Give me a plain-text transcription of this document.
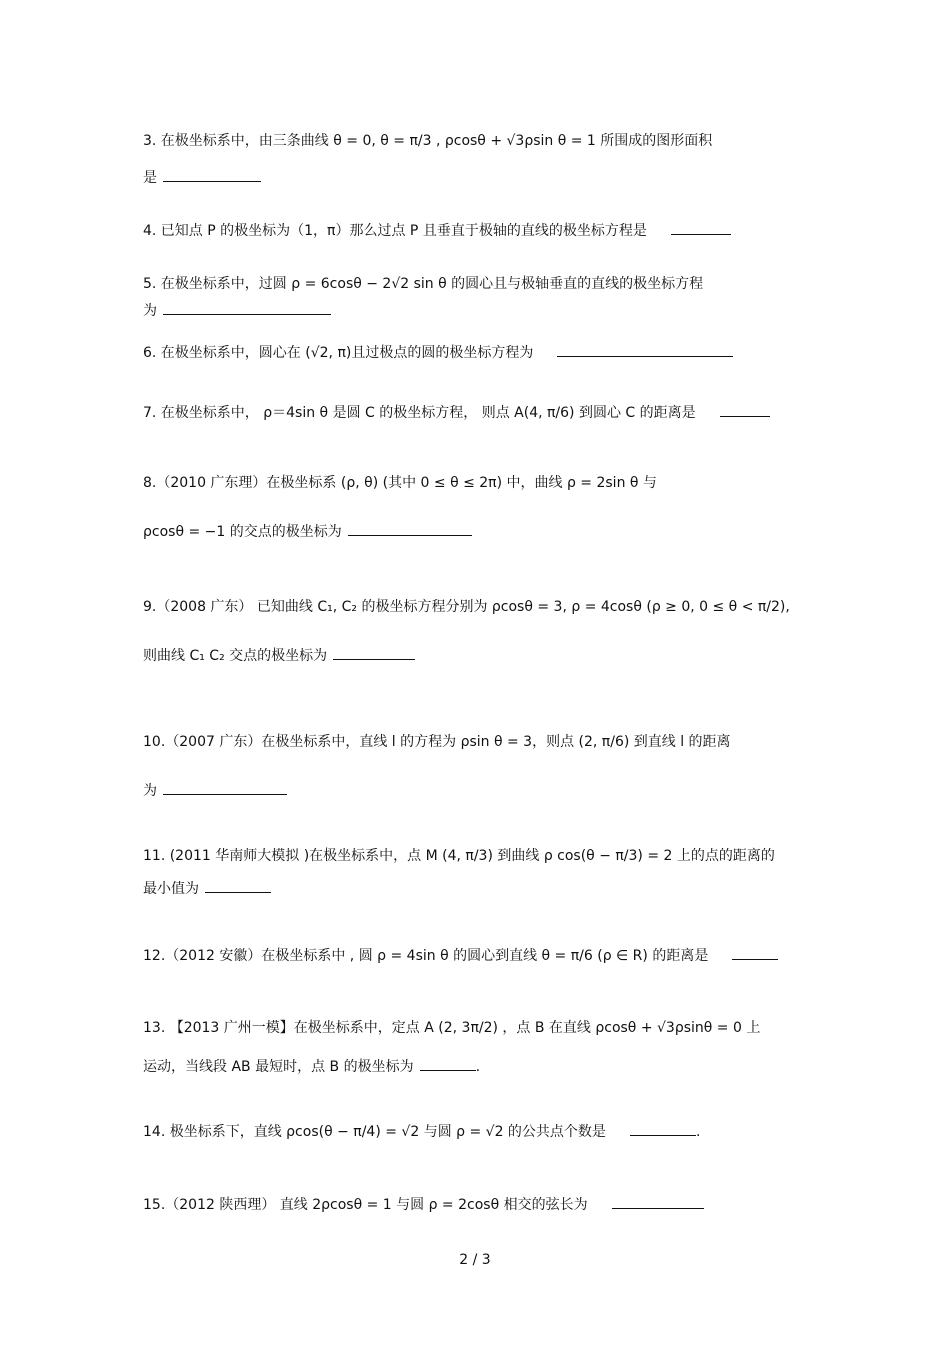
3. 在极坐标系中，由三条曲线 θ = 0, θ = π/3 , ρcosθ + √3ρsin θ = 1 所围成的图形面积
是
4. 已知点 P 的极坐标为（1，π）那么过点 P 且垂直于极轴的直线的极坐标方程是
5. 在极坐标系中，过圆 ρ = 6cosθ − 2√2 sin θ 的圆心且与极轴垂直的直线的极坐标方程
为
6. 在极坐标系中，圆心在 (√2, π)且过极点的圆的极坐标方程为
7. 在极坐标系中， ρ＝4sin θ 是圆 C 的极坐标方程， 则点 A(4, π/6) 到圆心 C 的距离是
8.（2010 广东理）在极坐标系 (ρ, θ) (其中 0 ≤ θ ≤ 2π) 中，曲线 ρ = 2sin θ 与
ρcosθ = −1 的交点的极坐标为
9.（2008 广东） 已知曲线 C₁, C₂ 的极坐标方程分别为 ρcosθ = 3, ρ = 4cosθ (ρ ≥ 0, 0 ≤ θ < π/2),
则曲线 C₁ C₂ 交点的极坐标为
10.（2007 广东）在极坐标系中，直线 l 的方程为 ρsin θ = 3，则点 (2, π/6) 到直线 l 的距离
为
11. (2011 华南师大模拟 )在极坐标系中，点 M (4, π/3) 到曲线 ρ cos(θ − π/3) = 2 上的点的距离的
最小值为
12.（2012 安徽）在极坐标系中 , 圆 ρ = 4sin θ 的圆心到直线 θ = π/6 (ρ ∈ R) 的距离是
13. 【2013 广州一模】在极坐标系中，定点 A (2, 3π/2) ，点 B 在直线 ρcosθ + √3ρsinθ = 0 上
运动，当线段 AB 最短时，点 B 的极坐标为	.
14. 极坐标系下，直线 ρcos(θ − π/4) = √2 与圆 ρ = √2 的公共点个数是	.
15.（2012 陕西理） 直线 2ρcosθ = 1 与圆 ρ = 2cosθ 相交的弦长为
2 / 3
